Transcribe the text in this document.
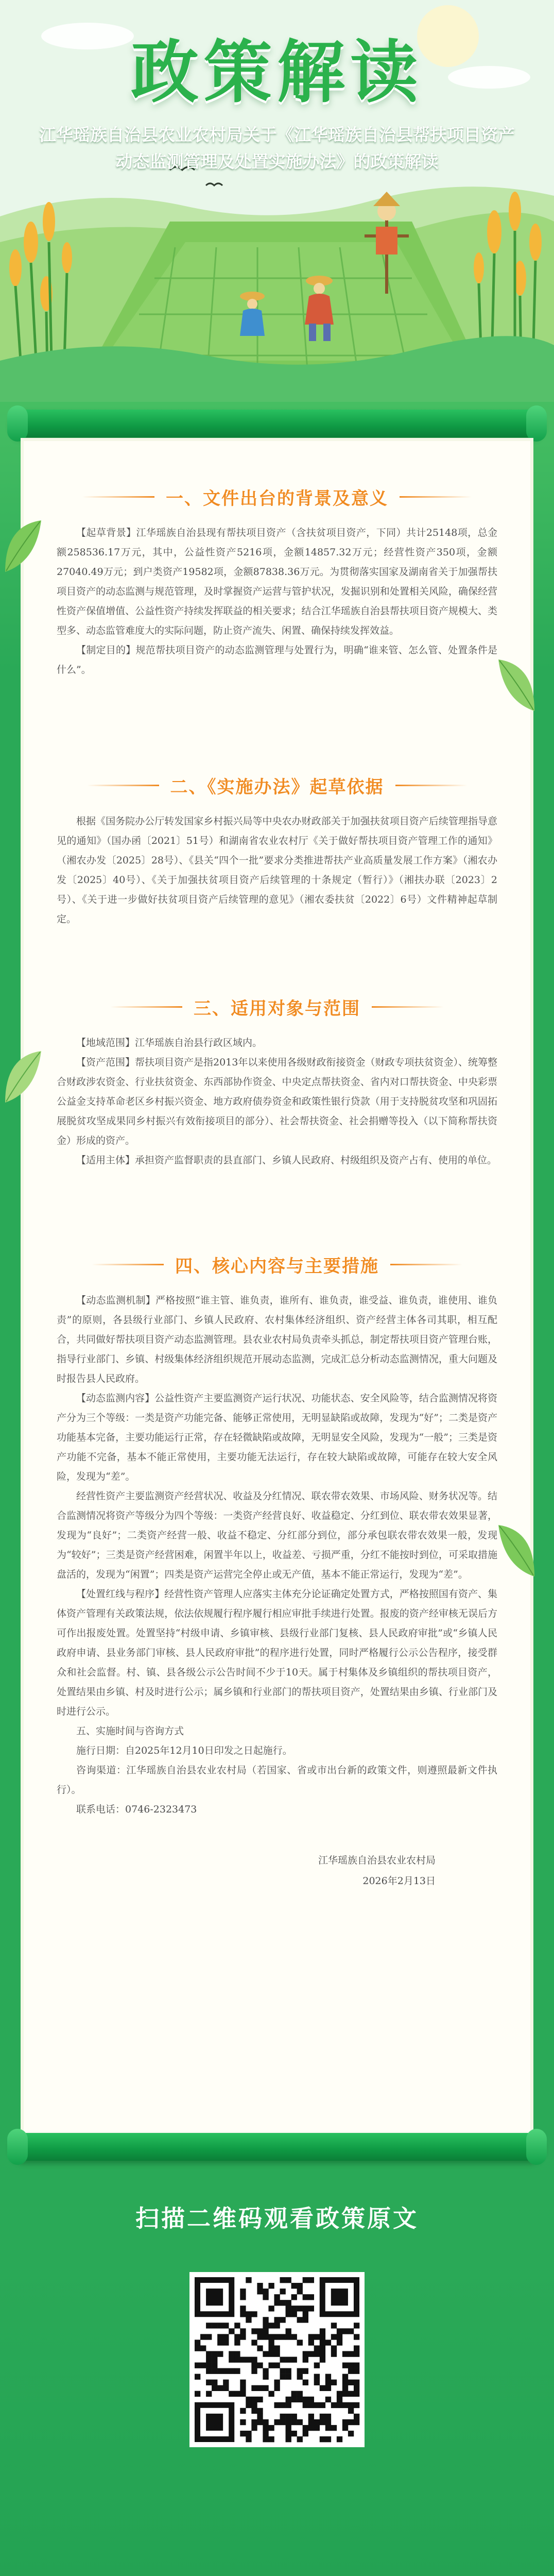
政策解读
江华瑶族自治县农业农村局关于《江华瑶族自治县帮扶项目资产动态监测管理及处置实施办法》的政策解读
一、文件出台的背景及意义

【起草背景】江华瑶族自治县现有帮扶项目资产（含扶贫项目资产，下同）共计25148项，总金额258536.17万元，其中，公益性资产5216项，金额14857.32万元；经营性资产350项，金额27040.49万元；到户类资产19582项，金额87838.36万元。为贯彻落实国家及湖南省关于加强帮扶项目资产的动态监测与规范管理，及时掌握资产运营与管护状况，发掘识别和处置相关风险，确保经营性资产保值增值、公益性资产持续发挥联益的相关要求；结合江华瑶族自治县帮扶项目资产规模大、类型多、动态监管难度大的实际问题，防止资产流失、闲置、确保持续发挥效益。

【制定目的】规范帮扶项目资产的动态监测管理与处置行为，明确“谁来管、怎么管、处置条件是什么”。

二、《实施办法》起草依据

根据《国务院办公厅转发国家乡村振兴局等中央农办财政部关于加强扶贫项目资产后续管理指导意见的通知》（国办函〔2021〕51号）和湖南省农业农村厅《关于做好帮扶项目资产管理工作的通知》（湘农办发〔2025〕28号）、《县关“四个一批”要求分类推进帮扶产业高质量发展工作方案》（湘农办发〔2025〕40号）、《关于加强扶贫项目资产后续管理的十条规定（暂行）》（湘扶办联〔2023〕2号）、《关于进一步做好扶贫项目资产后续管理的意见》（湘农委扶贫〔2022〕6号）文件精神起草制定。

三、适用对象与范围

【地域范围】江华瑶族自治县行政区域内。

【资产范围】帮扶项目资产是指2013年以来使用各级财政衔接资金（财政专项扶贫资金）、统筹整合财政涉农资金、行业扶贫资金、东西部协作资金、中央定点帮扶资金、省内对口帮扶资金、中央彩票公益金支持革命老区乡村振兴资金、地方政府债券资金和政策性银行贷款（用于支持脱贫攻坚和巩固拓展脱贫攻坚成果同乡村振兴有效衔接项目的部分）、社会帮扶资金、社会捐赠等投入（以下简称帮扶资金）形成的资产。

【适用主体】承担资产监督职责的县直部门、乡镇人民政府、村级组织及资产占有、使用的单位。

四、核心内容与主要措施

【动态监测机制】严格按照“谁主管、谁负责，谁所有、谁负责，谁受益、谁负责，谁使用、谁负责”的原则，各县级行业部门、乡镇人民政府、农村集体经济组织、资产经营主体各司其职，相互配合，共同做好帮扶项目资产动态监测管理。县农业农村局负责牵头抓总，制定帮扶项目资产管理台账，指导行业部门、乡镇、村级集体经济组织规范开展动态监测，完成汇总分析动态监测情况，重大问题及时报告县人民政府。

【动态监测内容】公益性资产主要监测资产运行状况、功能状态、安全风险等，结合监测情况将资产分为三个等级：一类是资产功能完备、能够正常使用，无明显缺陷或故障，发现为“好”；二类是资产功能基本完备，主要功能运行正常，存在轻微缺陷或故障，无明显安全风险，发现为“一般”；三类是资产功能不完备，基本不能正常使用，主要功能无法运行，存在较大缺陷或故障，可能存在较大安全风险，发现为“差”。

经营性资产主要监测资产经营状况、收益及分红情况、联农带农效果、市场风险、财务状况等。结合监测情况将资产等级分为四个等级：一类资产经营良好、收益稳定、分红到位、联农带农效果显著，发现为“良好”；二类资产经营一般、收益不稳定、分红部分到位，部分承包联农带农效果一般，发现为“较好”；三类是资产经营困难，闲置半年以上，收益差、亏损严重，分红不能按时到位，可采取措施盘活的，发现为“闲置”；四类是资产运营完全停止或无产值，基本不能正常运行，发现为“差”。

【处置红线与程序】经营性资产管理人应落实主体充分论证确定处置方式，严格按照国有资产、集体资产管理有关政策法规，依法依规履行程序履行相应审批手续进行处置。报废的资产经审核无误后方可作出报废处置。处置坚持“村级申请、乡镇审核、县级行业部门复核、县人民政府审批”或“乡镇人民政府申请、县业务部门审核、县人民政府审批”的程序进行处置，同时严格履行公示公告程序，接受群众和社会监督。村、镇、县各级公示公告时间不少于10天。属于村集体及乡镇组织的帮扶项目资产，处置结果由乡镇、村及时进行公示；属乡镇和行业部门的帮扶项目资产，处置结果由乡镇、行业部门及时进行公示。

五、实施时间与咨询方式

施行日期：自2025年12月10日印发之日起施行。

咨询渠道：江华瑶族自治县农业农村局（若国家、省或市出台新的政策文件，则遵照最新文件执行）。

联系电话：0746-2323473

江华瑶族自治县农业农村局

2026年2月13日

扫描二维码观看政策原文
